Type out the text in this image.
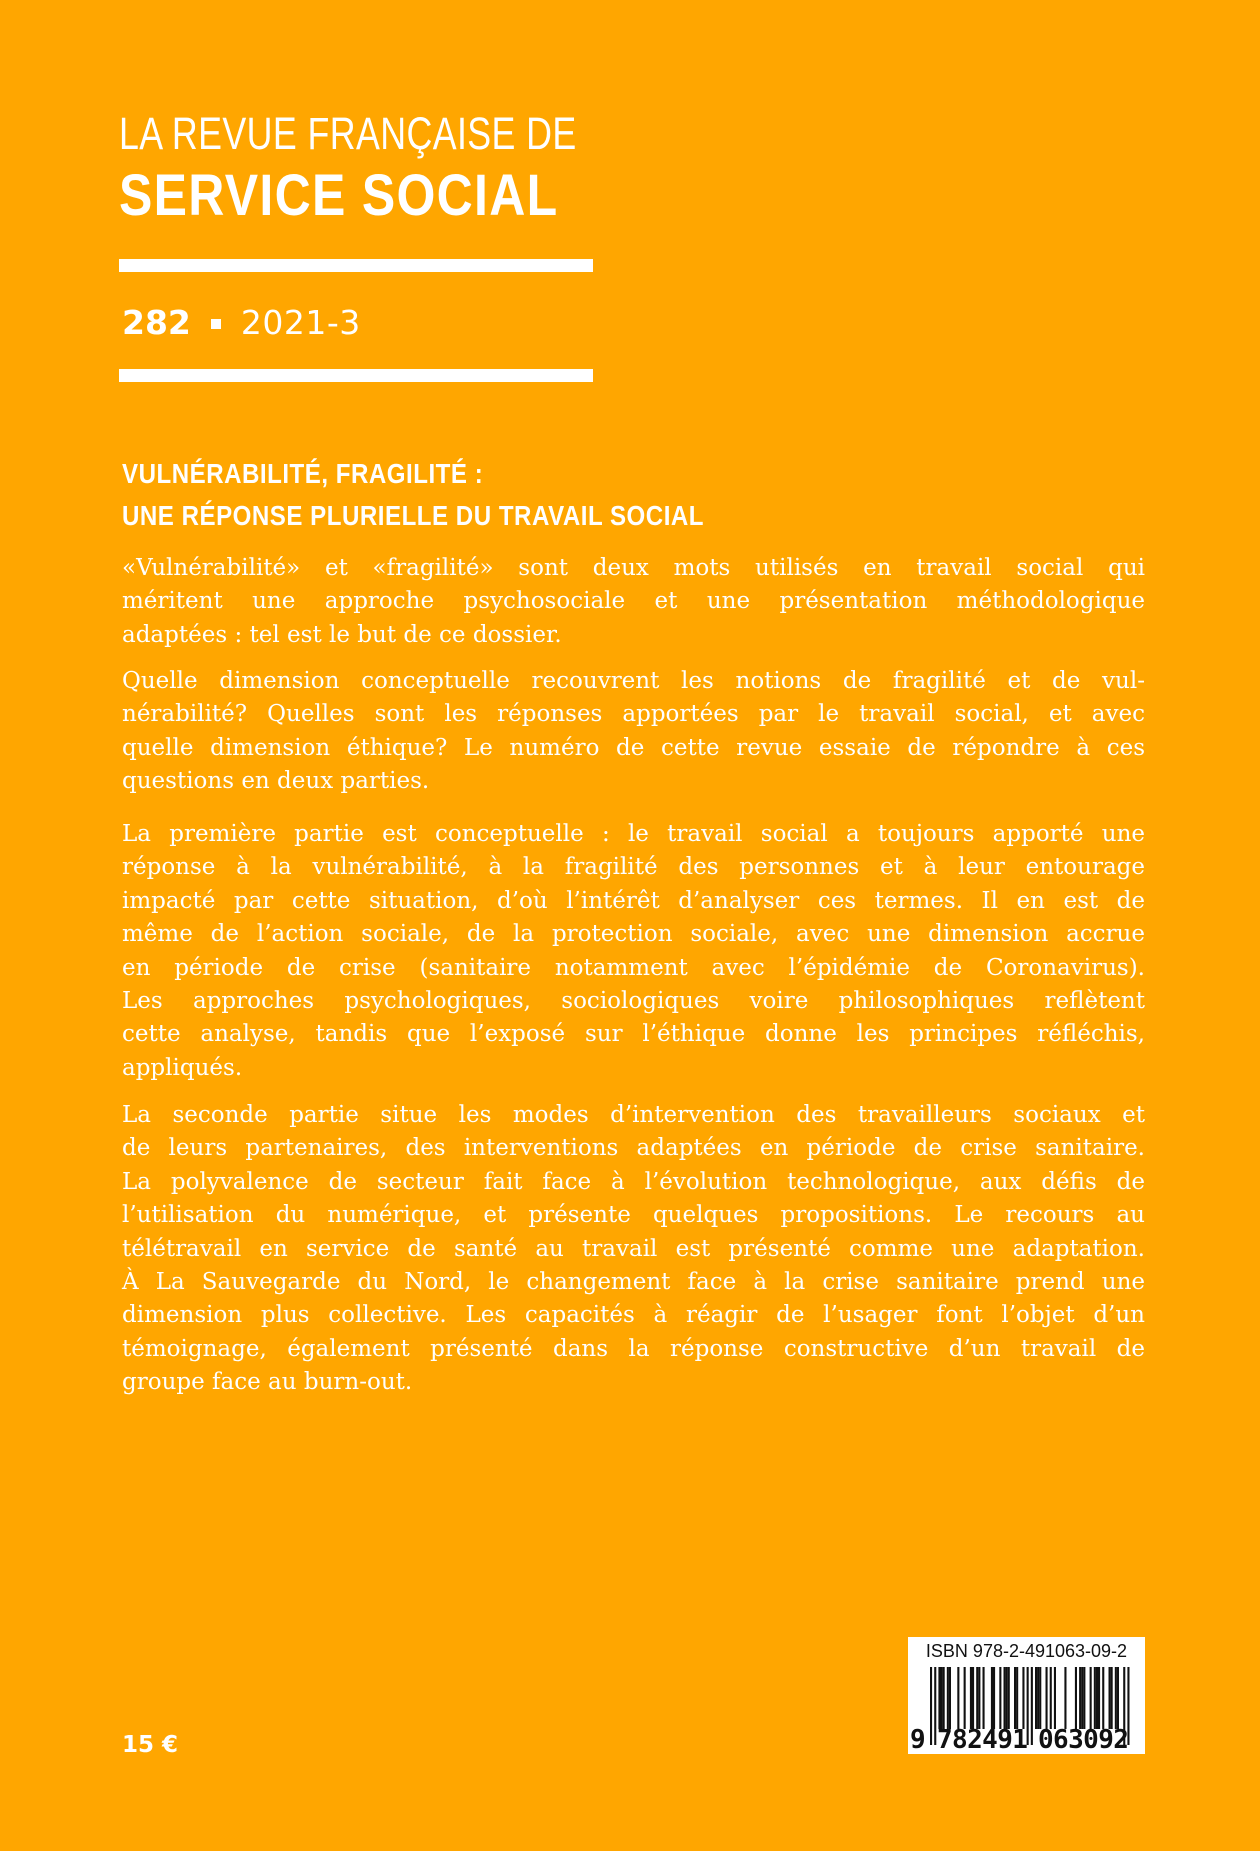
LA REVUE FRANÇAISE DE
SERVICE SOCIAL
282 2021-3
VULNÉRABILITÉ, FRAGILITÉ :
UNE RÉPONSE PLURIELLE DU TRAVAIL SOCIAL
«Vulnérabilité» et «fragilité» sont deux mots utilisés en travail social qui
méritent une approche psychosociale et une présentation méthodologique
adaptées : tel est le but de ce dossier.
Quelle dimension conceptuelle recouvrent les notions de fragilité et de vul-
nérabilité? Quelles sont les réponses apportées par le travail social, et avec
quelle dimension éthique? Le numéro de cette revue essaie de répondre à ces
questions en deux parties.
La première partie est conceptuelle : le travail social a toujours apporté une
réponse à la vulnérabilité, à la fragilité des personnes et à leur entourage
impacté par cette situation, d’où l’intérêt d’analyser ces termes. Il en est de
même de l’action sociale, de la protection sociale, avec une dimension accrue
en période de crise (sanitaire notamment avec l’épidémie de Coronavirus).
Les approches psychologiques, sociologiques voire philosophiques reflètent
cette analyse, tandis que l’exposé sur l’éthique donne les principes réfléchis,
appliqués.
La seconde partie situe les modes d’intervention des travailleurs sociaux et
de leurs partenaires, des interventions adaptées en période de crise sanitaire.
La polyvalence de secteur fait face à l’évolution technologique, aux défis de
l’utilisation du numérique, et présente quelques propositions. Le recours au
télétravail en service de santé au travail est présenté comme une adaptation.
À La Sauvegarde du Nord, le changement face à la crise sanitaire prend une
dimension plus collective. Les capacités à réagir de l’usager font l’objet d’un
témoignage, également présenté dans la réponse constructive d’un travail de
groupe face au burn-out.
ISBN 978-2-491063-09-2
9 782491 063092
15 €
